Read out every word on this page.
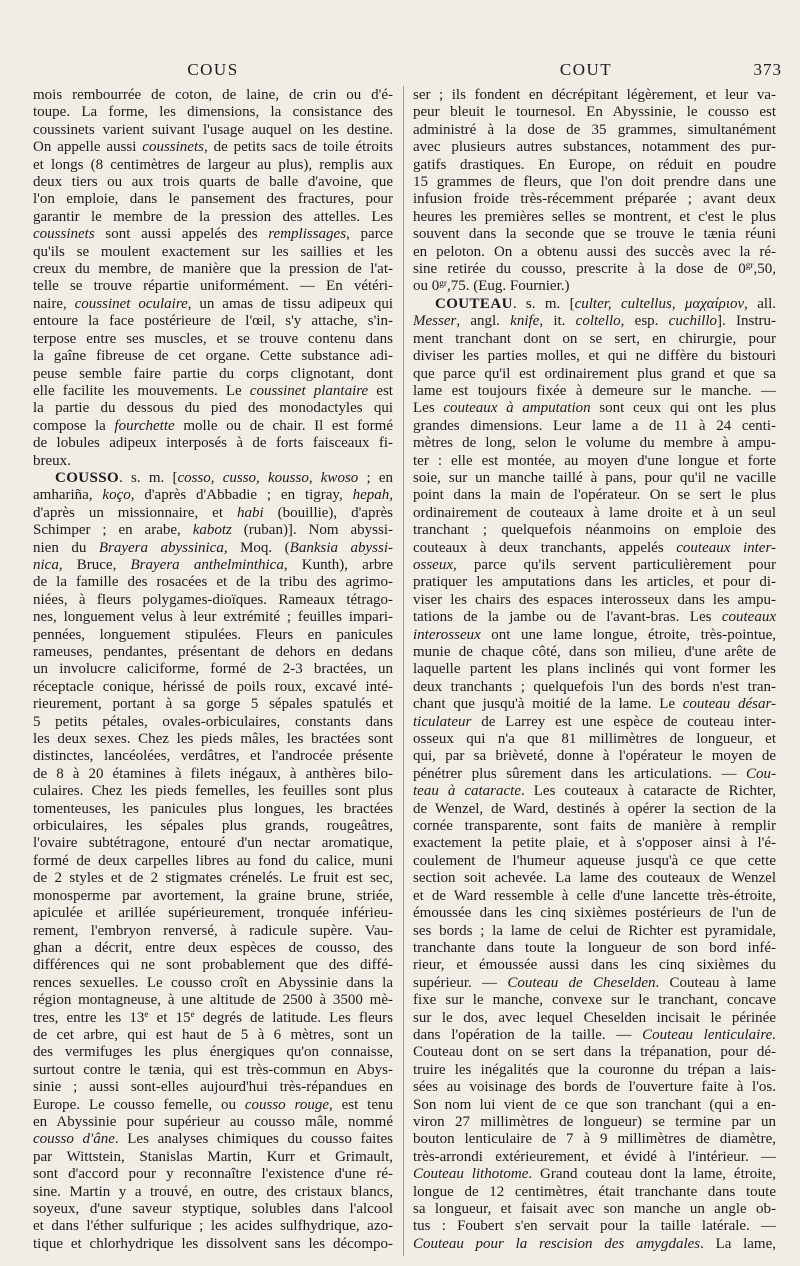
COUS	COUT	373
mois rembourrée de coton, de laine, de crin ou d'é-
toupe. La forme, les dimensions, la consistance des
coussinets varient suivant l'usage auquel on les destine.
On appelle aussi coussinets, de petits sacs de toile étroits
et longs (8 centimètres de largeur au plus), remplis aux
deux tiers ou aux trois quarts de balle d'avoine, que
l'on emploie, dans le pansement des fractures, pour
garantir le membre de la pression des attelles. Les
coussinets sont aussi appelés des remplissages, parce
qu'ils se moulent exactement sur les saillies et les
creux du membre, de manière que la pression de l'at-
telle se trouve répartie uniformément. — En vétéri-
naire, coussinet oculaire, un amas de tissu adipeux qui
entoure la face postérieure de l'œil, s'y attache, s'in-
terpose entre ses muscles, et se trouve contenu dans
la gaîne fibreuse de cet organe. Cette substance adi-
peuse semble faire partie du corps clignotant, dont
elle facilite les mouvements. Le coussinet plantaire est
la partie du dessous du pied des monodactyles qui
compose la fourchette molle ou de chair. Il est formé
de lobules adipeux interposés à de forts faisceaux fi-
breux.
COUSSO. s. m. [cosso, cusso, kousso, kwoso ; en
amhariña, koço, d'après d'Abbadie ; en tigray, hepah,
d'après un missionnaire, et habi (bouillie), d'après
Schimper ; en arabe, kabotz (ruban)]. Nom abyssi-
nien du Brayera abyssinica, Moq. (Banksia abyssi-
nica, Bruce, Brayera anthelminthica, Kunth), arbre
de la famille des rosacées et de la tribu des agrimo-
niées, à fleurs polygames-dioïques. Rameaux tétrago-
nes, longuement velus à leur extrémité ; feuilles impari-
pennées, longuement stipulées. Fleurs en panicules
rameuses, pendantes, présentant de dehors en dedans
un involucre caliciforme, formé de 2-3 bractées, un
réceptacle conique, hérissé de poils roux, excavé inté-
rieurement, portant à sa gorge 5 sépales spatulés et
5 petits pétales, ovales-orbiculaires, constants dans
les deux sexes. Chez les pieds mâles, les bractées sont
distinctes, lancéolées, verdâtres, et l'androcée présente
de 8 à 20 étamines à filets inégaux, à anthères bilo-
culaires. Chez les pieds femelles, les feuilles sont plus
tomenteuses, les panicules plus longues, les bractées
orbiculaires, les sépales plus grands, rougeâtres,
l'ovaire subtétragone, entouré d'un nectar aromatique,
formé de deux carpelles libres au fond du calice, muni
de 2 styles et de 2 stigmates crénelés. Le fruit est sec,
monosperme par avortement, la graine brune, striée,
apiculée et arillée supérieurement, tronquée inférieu-
rement, l'embryon renversé, à radicule supère. Vau-
ghan a décrit, entre deux espèces de cousso, des
différences qui ne sont probablement que des diffé-
rences sexuelles. Le cousso croît en Abyssinie dans la
région montagneuse, à une altitude de 2500 à 3500 mè-
tres, entre les 13e et 15e degrés de latitude. Les fleurs
de cet arbre, qui est haut de 5 à 6 mètres, sont un
des vermifuges les plus énergiques qu'on connaisse,
surtout contre le tænia, qui est très-commun en Abys-
sinie ; aussi sont-elles aujourd'hui très-répandues en
Europe. Le cousso femelle, ou cousso rouge, est tenu
en Abyssinie pour supérieur au cousso mâle, nommé
cousso d'âne. Les analyses chimiques du cousso faites
par Wittstein, Stanislas Martin, Kurr et Grimault,
sont d'accord pour y reconnaître l'existence d'une ré-
sine. Martin y a trouvé, en outre, des cristaux blancs,
soyeux, d'une saveur styptique, solubles dans l'alcool
et dans l'éther sulfurique ; les acides sulfhydrique, azo-
tique et chlorhydrique les dissolvent sans les décompo-
ser ; ils fondent en décrépitant légèrement, et leur va-
peur bleuit le tournesol. En Abyssinie, le cousso est
administré à la dose de 35 grammes, simultanément
avec plusieurs autres substances, notamment des pur-
gatifs drastiques. En Europe, on réduit en poudre
15 grammes de fleurs, que l'on doit prendre dans une
infusion froide très-récemment préparée ; avant deux
heures les premières selles se montrent, et c'est le plus
souvent dans la seconde que se trouve le tænia réuni
en peloton. On a obtenu aussi des succès avec la ré-
sine retirée du cousso, prescrite à la dose de $0^{gr},50$,
ou $0^{gr},75$. (Eug. Fournier.)
COUTEAU. s. m. [culter, cultellus, μαχαίριον, all.
Messer, angl. knife, it. coltello, esp. cuchillo]. Instru-
ment tranchant dont on se sert, en chirurgie, pour
diviser les parties molles, et qui ne diffère du bistouri
que parce qu'il est ordinairement plus grand et que sa
lame est toujours fixée à demeure sur le manche. —
Les couteaux à amputation sont ceux qui ont les plus
grandes dimensions. Leur lame a de 11 à 24 centi-
mètres de long, selon le volume du membre à ampu-
ter : elle est montée, au moyen d'une longue et forte
soie, sur un manche taillé à pans, pour qu'il ne vacille
point dans la main de l'opérateur. On se sert le plus
ordinairement de couteaux à lame droite et à un seul
tranchant ; quelquefois néanmoins on emploie des
couteaux à deux tranchants, appelés couteaux inter-
osseux, parce qu'ils servent particulièrement pour
pratiquer les amputations dans les articles, et pour di-
viser les chairs des espaces interosseux dans les ampu-
tations de la jambe ou de l'avant-bras. Les couteaux
interosseux ont une lame longue, étroite, très-pointue,
munie de chaque côté, dans son milieu, d'une arête de
laquelle partent les plans inclinés qui vont former les
deux tranchants ; quelquefois l'un des bords n'est tran-
chant que jusqu'à moitié de la lame. Le couteau désar-
ticulateur de Larrey est une espèce de couteau inter-
osseux qui n'a que 81 millimètres de longueur, et
qui, par sa brièveté, donne à l'opérateur le moyen de
pénétrer plus sûrement dans les articulations. — Cou-
teau à cataracte. Les couteaux à cataracte de Richter,
de Wenzel, de Ward, destinés à opérer la section de la
cornée transparente, sont faits de manière à remplir
exactement la petite plaie, et à s'opposer ainsi à l'é-
coulement de l'humeur aqueuse jusqu'à ce que cette
section soit achevée. La lame des couteaux de Wenzel
et de Ward ressemble à celle d'une lancette très-étroite,
émoussée dans les cinq sixièmes postérieurs de l'un de
ses bords ; la lame de celui de Richter est pyramidale,
tranchante dans toute la longueur de son bord infé-
rieur, et émoussée aussi dans les cinq sixièmes du
supérieur. — Couteau de Cheselden. Couteau à lame
fixe sur le manche, convexe sur le tranchant, concave
sur le dos, avec lequel Cheselden incisait le périnée
dans l'opération de la taille. — Couteau lenticulaire.
Couteau dont on se sert dans la trépanation, pour dé-
truire les inégalités que la couronne du trépan a lais-
sées au voisinage des bords de l'ouverture faite à l'os.
Son nom lui vient de ce que son tranchant (qui a en-
viron 27 millimètres de longueur) se termine par un
bouton lenticulaire de 7 à 9 millimètres de diamètre,
très-arrondi extérieurement, et évidé à l'intérieur. —
Couteau lithotome. Grand couteau dont la lame, étroite,
longue de 12 centimètres, était tranchante dans toute
sa longueur, et faisait avec son manche un angle ob-
tus : Foubert s'en servait pour la taille latérale. —
Couteau pour la rescision des amygdales. La lame,
